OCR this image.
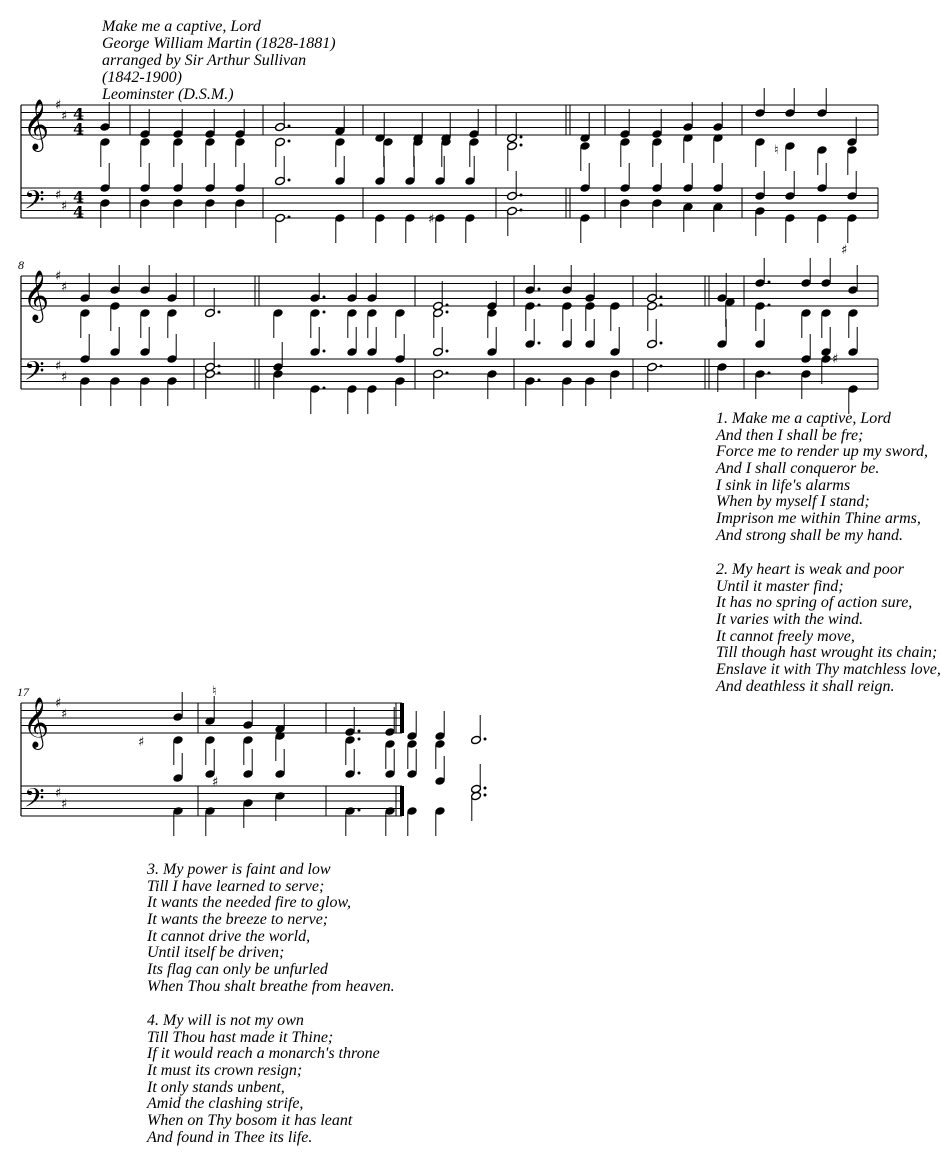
Make me a captive, Lord
George William Martin (1828-1881)
arranged by Sir Arthur Sullivan
(1842-1900)
Leominster (D.S.M.)
8
17
𝄞
𝄢
♯
♯
♯
♯
4
4
4
4
𝄞
𝄢
♯
♯
♯
♯
𝄞
𝄢
♯
♯
♯
♯
♮
♯
♯
♯
♯
♮
♯
1. Make me a captive, Lord
And then I shall be fre;
Force me to render up my sword,
And I shall conqueror be.
I sink in life's alarms
When by myself I stand;
Imprison me within Thine arms,
And strong shall be my hand.
2. My heart is weak and poor
Until it master find;
It has no spring of action sure,
It varies with the wind.
It cannot freely move,
Till though hast wrought its chain;
Enslave it with Thy matchless love,
And deathless it shall reign.
3. My power is faint and low
Till I have learned to serve;
It wants the needed fire to glow,
It wants the breeze to nerve;
It cannot drive the world,
Until itself be driven;
Its flag can only be unfurled
When Thou shalt breathe from heaven.
4. My will is not my own
Till Thou hast made it Thine;
If it would reach a monarch's throne
It must its crown resign;
It only stands unbent,
Amid the clashing strife,
When on Thy bosom it has leant
And found in Thee its life.
